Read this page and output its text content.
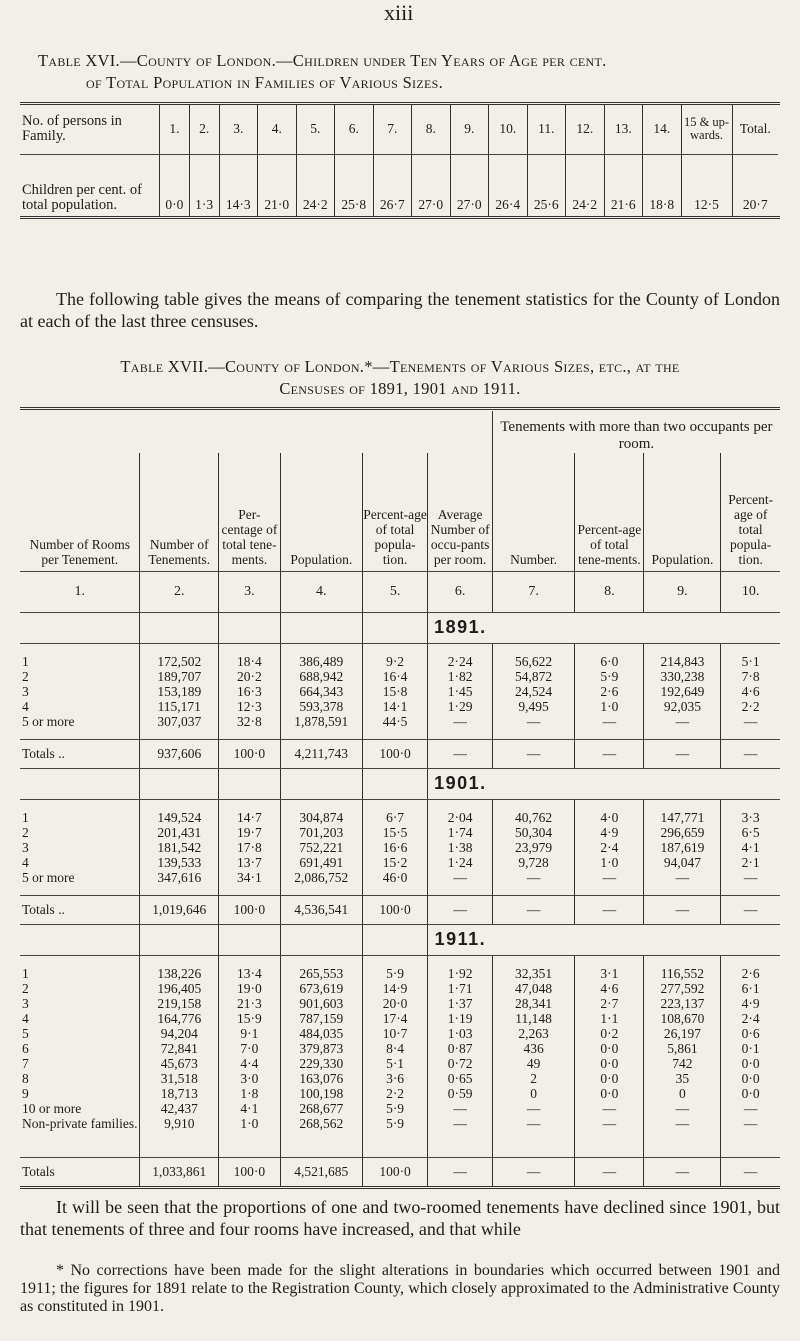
xiii
Table XVI.—County of London.—Children under Ten Years of Age per cent.
of Total Population in Families of Various Sizes.
No. of persons in Family.	1.	2.	3.	4.	5.	6.	7.	8.	9.	10.	11.	12.	13.	14.	15 & up-wards.	Total.
Children per cent. of total population.	0·0	1·3	14·3	21·0	24·2	25·8	26·7	27·0	27·0	26·4	25·6	24·2	21·6	18·8	12·5	20·7
The following table gives the means of comparing the tenement statistics for the County of London at each of the last three censuses.
Table XVII.—County of London.*—Tenements of Various Sizes, etc., at the
Censuses of 1891, 1901 and 1911.
						Tenements with more than two occupants per room.			

Number of Rooms per Tenement.	Number of Tenements.	Per-centage of total tene-ments.	Population.	Percent-age of total popula-tion.	Average Number of occu-pants per room.	Number.	Percent-age of total tene-ments.	Population.	Percent-age of total popula-tion.
1.	2.	3.	4.	5.	6.	7.	8.	9.	10.
					1891.				

1	172,502	18·4	386,489	9·2	2·24	56,622	6·0	214,843	5·1
2	189,707	20·2	688,942	16·4	1·82	54,872	5·9	330,238	7·8
3	153,189	16·3	664,343	15·8	1·45	24,524	2·6	192,649	4·6
4	115,171	12·3	593,378	14·1	1·29	9,495	1·0	92,035	2·2
5 or more	307,037	32·8	1,878,591	44·5	—	—	—	—	—

Totals ..	937,606	100·0	4,211,743	100·0	—	—	—	—	—
					1901.				

1	149,524	14·7	304,874	6·7	2·04	40,762	4·0	147,771	3·3
2	201,431	19·7	701,203	15·5	1·74	50,304	4·9	296,659	6·5
3	181,542	17·8	752,221	16·6	1·38	23,979	2·4	187,619	4·1
4	139,533	13·7	691,491	15·2	1·24	9,728	1·0	94,047	2·1
5 or more	347,616	34·1	2,086,752	46·0	—	—	—	—	—

Totals ..	1,019,646	100·0	4,536,541	100·0	—	—	—	—	—
					1911.				

1	138,226	13·4	265,553	5·9	1·92	32,351	3·1	116,552	2·6
2	196,405	19·0	673,619	14·9	1·71	47,048	4·6	277,592	6·1
3	219,158	21·3	901,603	20·0	1·37	28,341	2·7	223,137	4·9
4	164,776	15·9	787,159	17·4	1·19	11,148	1·1	108,670	2·4
5	94,204	9·1	484,035	10·7	1·03	2,263	0·2	26,197	0·6
6	72,841	7·0	379,873	8·4	0·87	436	0·0	5,861	0·1
7	45,673	4·4	229,330	5·1	0·72	49	0·0	742	0·0
8	31,518	3·0	163,076	3·6	0·65	2	0·0	35	0·0
9	18,713	1·8	100,198	2·2	0·59	0	0·0	0	0·0
10 or more	42,437	4·1	268,677	5·9	—	—	—	—	—
Non-private families.	9,910	1·0	268,562	5·9	—	—	—	—	—

Totals	1,033,861	100·0	4,521,685	100·0	—	—	—	—	—
It will be seen that the proportions of one and two-roomed tenements have declined since 1901, but that tenements of three and four rooms have increased, and that while
* No corrections have been made for the slight alterations in boundaries which occurred between 1901 and 1911; the figures for 1891 relate to the Registration County, which closely approximated to the Administrative County as constituted in 1901.
